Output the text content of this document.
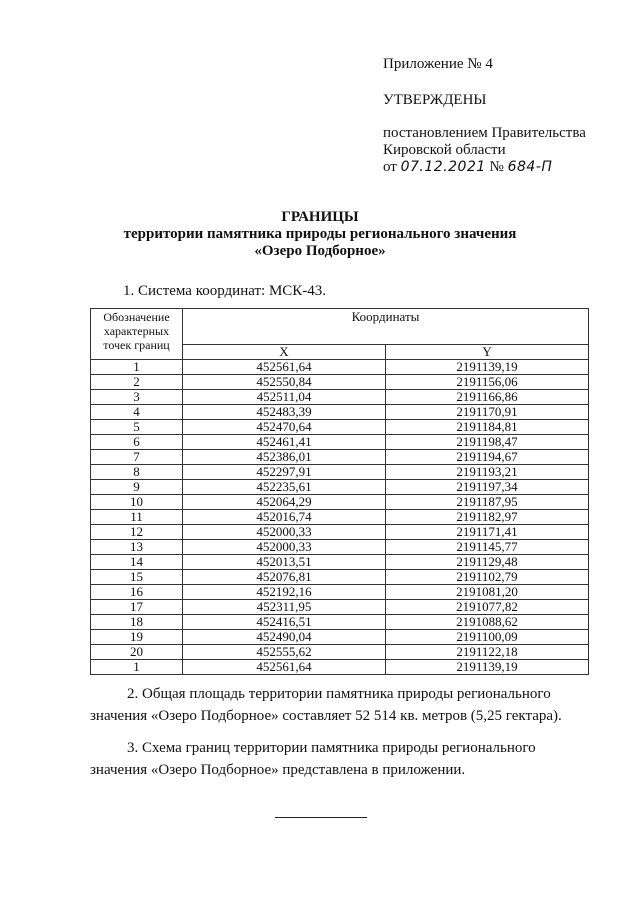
Приложение № 4
УТВЕРЖДЕНЫ
постановлением Правительства
Кировской области
от 07.12.2021 № 684-П
ГРАНИЦЫ
территории памятника природы регионального значения
«Озеро Подборное»
1. Система координат: МСК-43.
Обозначение характерных точек границ	Координаты	
	X	Y
1	452561,64	2191139,19
2	452550,84	2191156,06
3	452511,04	2191166,86
4	452483,39	2191170,91
5	452470,64	2191184,81
6	452461,41	2191198,47
7	452386,01	2191194,67
8	452297,91	2191193,21
9	452235,61	2191197,34
10	452064,29	2191187,95
11	452016,74	2191182,97
12	452000,33	2191171,41
13	452000,33	2191145,77
14	452013,51	2191129,48
15	452076,81	2191102,79
16	452192,16	2191081,20
17	452311,95	2191077,82
18	452416,51	2191088,62
19	452490,04	2191100,09
20	452555,62	2191122,18
1	452561,64	2191139,19

2. Общая площадь территории памятника природы регионального

значения «Озеро Подборное» составляет 52 514 кв. метров (5,25 гектара).

3. Схема границ территории памятника природы регионального

значения «Озеро Подборное» представлена в приложении.
